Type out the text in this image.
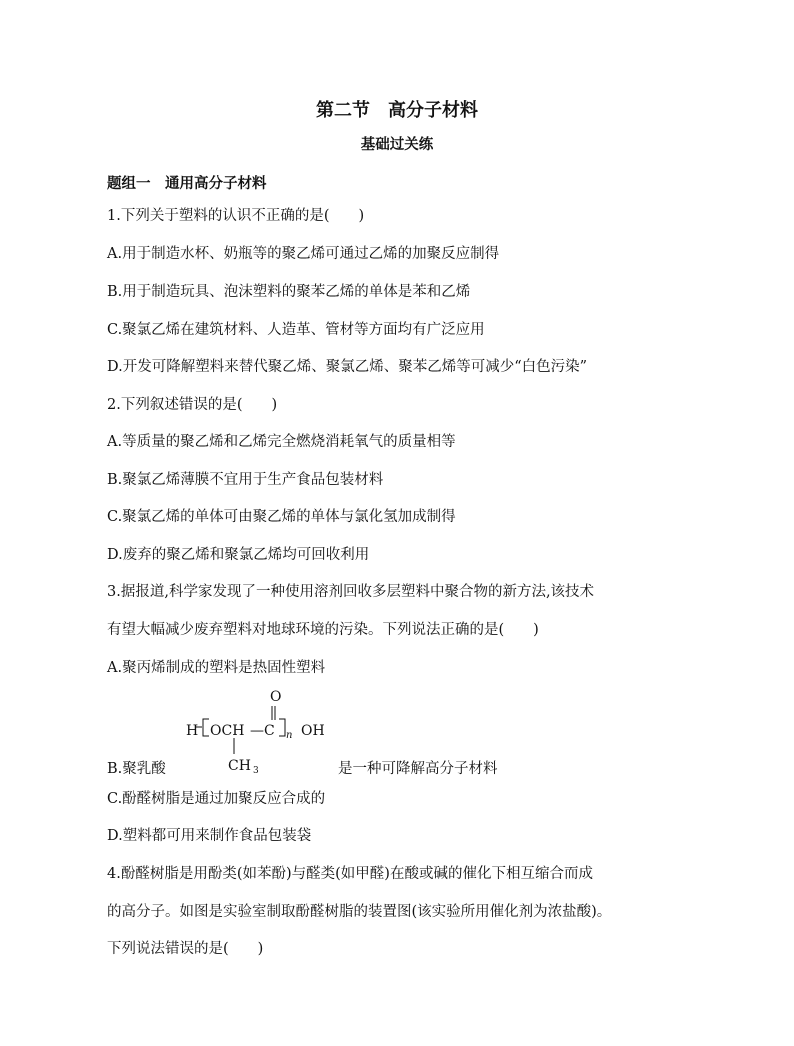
第二节　高分子材料
基础过关练
题组一　通用高分子材料
1.下列关于塑料的认识不正确的是(　　)
A.用于制造水杯、奶瓶等的聚乙烯可通过乙烯的加聚反应制得
B.用于制造玩具、泡沫塑料的聚苯乙烯的单体是苯和乙烯
C.聚氯乙烯在建筑材料、人造革、管材等方面均有广泛应用
D.开发可降解塑料来替代聚乙烯、聚氯乙烯、聚苯乙烯等可减少“白色污染”
2.下列叙述错误的是(　　)
A.等质量的聚乙烯和乙烯完全燃烧消耗氧气的质量相等
B.聚氯乙烯薄膜不宜用于生产食品包装材料
C.聚氯乙烯的单体可由聚乙烯的单体与氯化氢加成制得
D.废弃的聚乙烯和聚氯乙烯均可回收利用
3.据报道,科学家发现了一种使用溶剂回收多层塑料中聚合物的新方法,该技术
有望大幅减少废弃塑料对地球环境的污染。下列说法正确的是(　　)
A.聚丙烯制成的塑料是热固性塑料
O
H OCH —C n OH
CH 3
B.聚乳酸	是一种可降解高分子材料
C.酚醛树脂是通过加聚反应合成的
D.塑料都可用来制作食品包装袋
4.酚醛树脂是用酚类(如苯酚)与醛类(如甲醛)在酸或碱的催化下相互缩合而成
的高分子。如图是实验室制取酚醛树脂的装置图(该实验所用催化剂为浓盐酸)。
下列说法错误的是(　　)
